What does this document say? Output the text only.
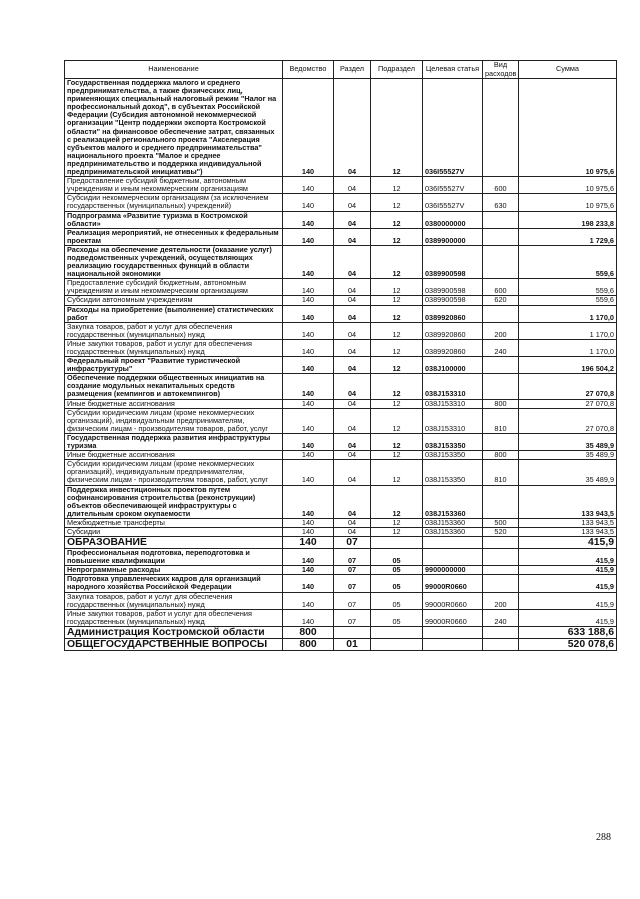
Наименование	Ведомство	Раздел	Подраздел	Целевая статья	Вид расходов	Сумма
Государственная поддержка малого и среднего предпринимательства, а также физических лиц, применяющих специальный налоговый режим "Налог на профессиональный доход", в субъектах Российской Федерации (Субсидия автономной некоммерческой организации "Центр поддержки экспорта Костромской области" на финансовое обеспечение затрат, связанных с реализацией регионального проекта "Акселерация субъектов малого и среднего предпринимательства" национального проекта "Малое и среднее предпринимательство и поддержка индивидуальной предпринимательской инициативы")	140	04	12	036I55527V		10 975,6
Предоставление субсидий бюджетным, автономным учреждениям и иным некоммерческим организациям	140	04	12	036I55527V	600	10 975,6
Субсидии некоммерческим организациям (за исключением государственных (муниципальных) учреждений)	140	04	12	036I55527V	630	10 975,6
Подпрограмма «Развитие туризма в Костромской области»	140	04	12	0380000000		198 233,8
Реализация мероприятий, не отнесенных к федеральным проектам	140	04	12	0389900000		1 729,6
Расходы на обеспечение деятельности (оказание услуг) подведомственных учреждений, осуществляющих реализацию государственных функций в области национальной экономики	140	04	12	0389900598		559,6
Предоставление субсидий бюджетным, автономным учреждениям и иным некоммерческим организациям	140	04	12	0389900598	600	559,6
Субсидии автономным учреждениям	140	04	12	0389900598	620	559,6
Расходы на приобретение (выполнение) статистических работ	140	04	12	0389920860		1 170,0
Закупка товаров, работ и услуг для обеспечения государственных (муниципальных) нужд	140	04	12	0389920860	200	1 170,0
Иные закупки товаров, работ и услуг для обеспечения государственных (муниципальных) нужд	140	04	12	0389920860	240	1 170,0
Федеральный проект "Развитие туристической инфраструктуры"	140	04	12	038J100000		196 504,2
Обеспечение поддержки общественных инициатив на создание модульных некапитальных средств размещения (кемпингов и автокемпингов)	140	04	12	038J153310		27 070,8
Иные бюджетные ассигнования	140	04	12	038J153310	800	27 070,8
Субсидии юридическим лицам (кроме некоммерческих организаций), индивидуальным предпринимателям, физическим лицам - производителям товаров, работ, услуг	140	04	12	038J153310	810	27 070,8
Государственная поддержка развития инфраструктуры туризма	140	04	12	038J153350		35 489,9
Иные бюджетные ассигнования	140	04	12	038J153350	800	35 489,9
Субсидии юридическим лицам (кроме некоммерческих организаций), индивидуальным предпринимателям, физическим лицам - производителям товаров, работ, услуг	140	04	12	038J153350	810	35 489,9
Поддержка инвестиционных проектов путем софинансирования строительства (реконструкции) объектов обеспечивающей инфраструктуры с длительным сроком окупаемости	140	04	12	038J153360		133 943,5
Межбюджетные трансферты	140	04	12	038J153360	500	133 943,5
Субсидии	140	04	12	038J153360	520	133 943,5
ОБРАЗОВАНИЕ	140	07				415,9
Профессиональная подготовка, переподготовка и повышение квалификации	140	07	05			415,9
Непрограммные расходы	140	07	05	9900000000		415,9
Подготовка управленческих кадров для организаций народного хозяйства Российской Федерации	140	07	05	99000R0660		415,9
Закупка товаров, работ и услуг для обеспечения государственных (муниципальных) нужд	140	07	05	99000R0660	200	415,9
Иные закупки товаров, работ и услуг для обеспечения государственных (муниципальных) нужд	140	07	05	99000R0660	240	415,9
Администрация Костромской области	800					633 188,6
ОБЩЕГОСУДАРСТВЕННЫЕ ВОПРОСЫ	800	01				520 078,6
288
